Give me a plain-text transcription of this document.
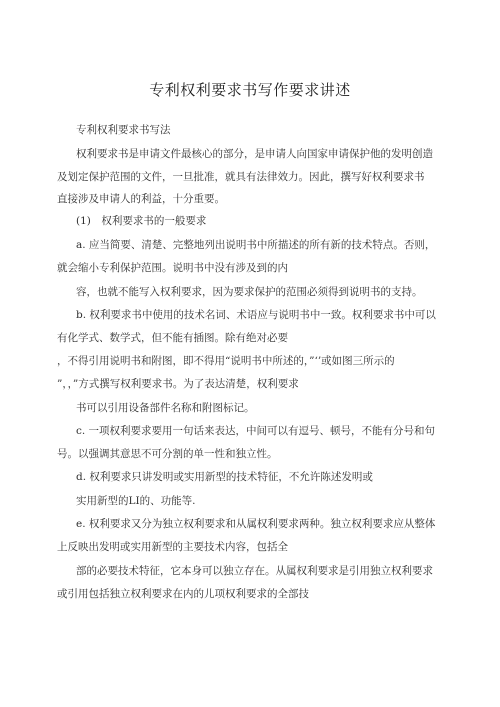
专利权利要求书写作要求讲述
专利权利要求书写法
权利要求书是申请文件最核心的部分，是申请人向国家申请保护他的发明创造
及划定保护范围的文件，一旦批准，就具有法律效力。因此，撰写好权利要求书
直接涉及申请人的利益，十分重要。
(1)　权利要求书的一般要求
a. 应当简要、清楚、完整地列出说明书中所描述的所有新的技术特点。否则，
就会缩小专利保护范围。说明书中没有涉及到的内
容，也就不能写入权利要求，因为要求保护的范围必须得到说明书的支持。
b. 权利要求书中使用的技术名词、术语应与说明书中一致。权利要求书中可以
有化学式、数学式，但不能有插图。除有绝对必要
，不得引用说明书和附图，即不得用“说明书中所述的，”‘’或如图三所示的
”，，”方式撰写权利要求书。为了表达清楚，权利要求
书可以引用设备部件名称和附图标记。
c. 一项权利要求要用一句话来表达，中间可以有逗号、顿号，不能有分号和句
号。以强调其意思不可分割的单一性和独立性。
d. 权利要求只讲发明或实用新型的技术特征，不允许陈述发明或
实用新型的LI的、功能等.
e. 权利要求又分为独立权利要求和从属权利要求两种。独立权利要求应从整体
上反映出发明或实用新型的主要技术内容，包括全
部的必要技术特征，它本身可以独立存在。从属权利要求是引用独立权利要求
或引用包括独立权利要求在内的儿项权利要求的全部技
